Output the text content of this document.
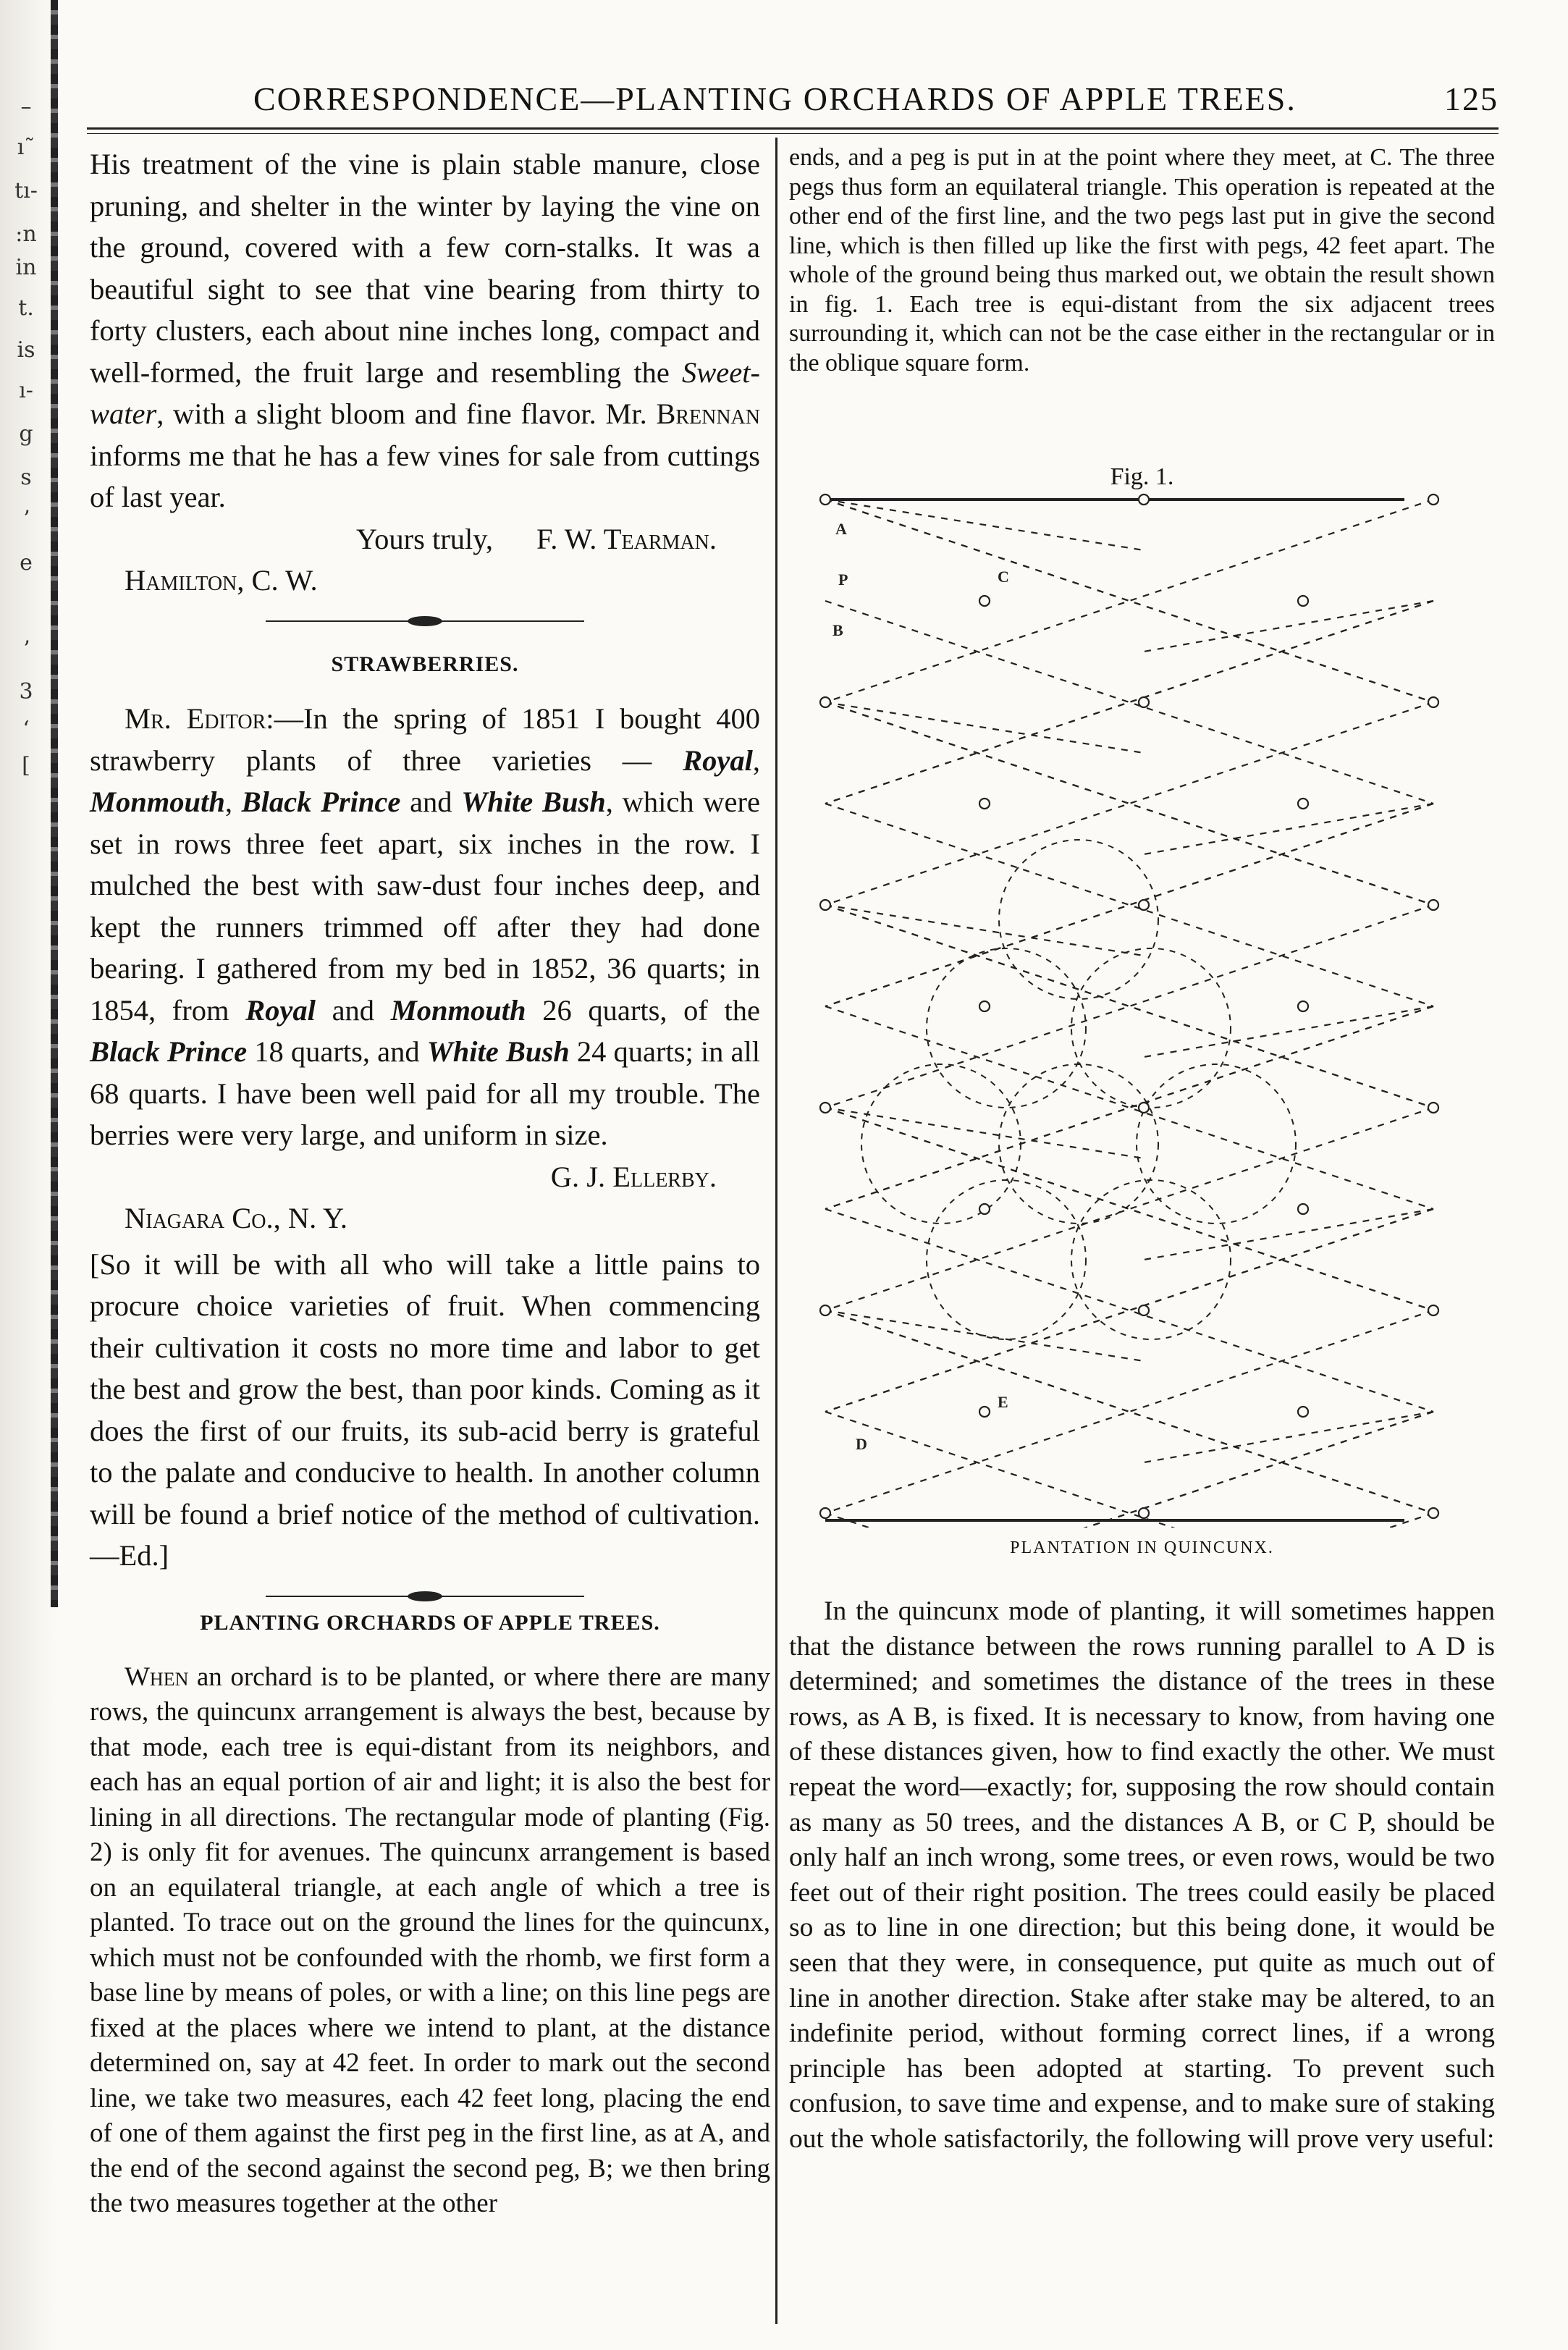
–
ı˜
tı-
:n
in
t.
is
ı-
g
s
ʼ
e
ʼ
3
ʻ
[
CORRESPONDENCE—PLANTING ORCHARDS OF APPLE TREES.	125

His treatment of the vine is plain stable manure, close pruning, and shelter in the winter by laying the vine on the ground, covered with a few corn-stalks. It was a beautiful sight to see that vine bearing from thirty to forty clusters, each about nine inches long, compact and well-formed, the fruit large and resembling the Sweet-water, with a slight bloom and fine flavor. Mr. Brennan informs me that he has a few vines for sale from cuttings of last year.

Yours truly, F. W. Tearman.

Hamilton, C. W.

STRAWBERRIES.

Mr. Editor:—In the spring of 1851 I bought 400 strawberry plants of three varieties — Royal, Monmouth, Black Prince and White Bush, which were set in rows three feet apart, six inches in the row. I mulched the best with saw-dust four inches deep, and kept the runners trimmed off after they had done bearing. I gathered from my bed in 1852, 36 quarts; in 1854, from Royal and Monmouth 26 quarts, of the Black Prince 18 quarts, and White Bush 24 quarts; in all 68 quarts. I have been well paid for all my trouble. The berries were very large, and uniform in size.

G. J. Ellerby.

Niagara Co., N. Y.

[So it will be with all who will take a little pains to procure choice varieties of fruit. When commencing their cultivation it costs no more time and labor to get the best and grow the best, than poor kinds. Coming as it does the first of our fruits, its sub-acid berry is grateful to the palate and conducive to health. In another column will be found a brief notice of the method of cultivation.—Ed.]

PLANTING ORCHARDS OF APPLE TREES.

When an orchard is to be planted, or where there are many rows, the quincunx arrangement is always the best, because by that mode, each tree is equi-distant from its neighbors, and each has an equal portion of air and light; it is also the best for lining in all directions. The rectangular mode of planting (Fig. 2) is only fit for avenues. The quincunx arrangement is based on an equilateral triangle, at each angle of which a tree is planted. To trace out on the ground the lines for the quincunx, which must not be confounded with the rhomb, we first form a base line by means of poles, or with a line; on this line pegs are fixed at the places where we intend to plant, at the distance determined on, say at 42 feet. In order to mark out the second line, we take two measures, each 42 feet long, placing the end of one of them against the first peg in the first line, as at A, and the end of the second against the second peg, B; we then bring the two measures together at the other

ends, and a peg is put in at the point where they meet, at C. The three pegs thus form an equilateral triangle. This operation is repeated at the other end of the first line, and the two pegs last put in give the second line, which is then filled up like the first with pegs, 42 feet apart. The whole of the ground being thus marked out, we obtain the result shown in fig. 1. Each tree is equi-distant from the six adjacent trees surrounding it, which can not be the case either in the rectangular or in the oblique square form.

Fig. 1.
A
P
B
C
E
D
PLANTATION IN QUINCUNX.

In the quincunx mode of planting, it will sometimes happen that the distance between the rows running parallel to A D is determined; and sometimes the distance of the trees in these rows, as A B, is fixed. It is necessary to know, from having one of these distances given, how to find exactly the other. We must repeat the word—exactly; for, supposing the row should contain as many as 50 trees, and the distances A B, or C P, should be only half an inch wrong, some trees, or even rows, would be two feet out of their right position. The trees could easily be placed so as to line in one direction; but this being done, it would be seen that they were, in consequence, put quite as much out of line in another direction. Stake after stake may be altered, to an indefinite period, without forming correct lines, if a wrong principle has been adopted at starting. To prevent such confusion, to save time and expense, and to make sure of staking out the whole satisfactorily, the following will prove very useful:
